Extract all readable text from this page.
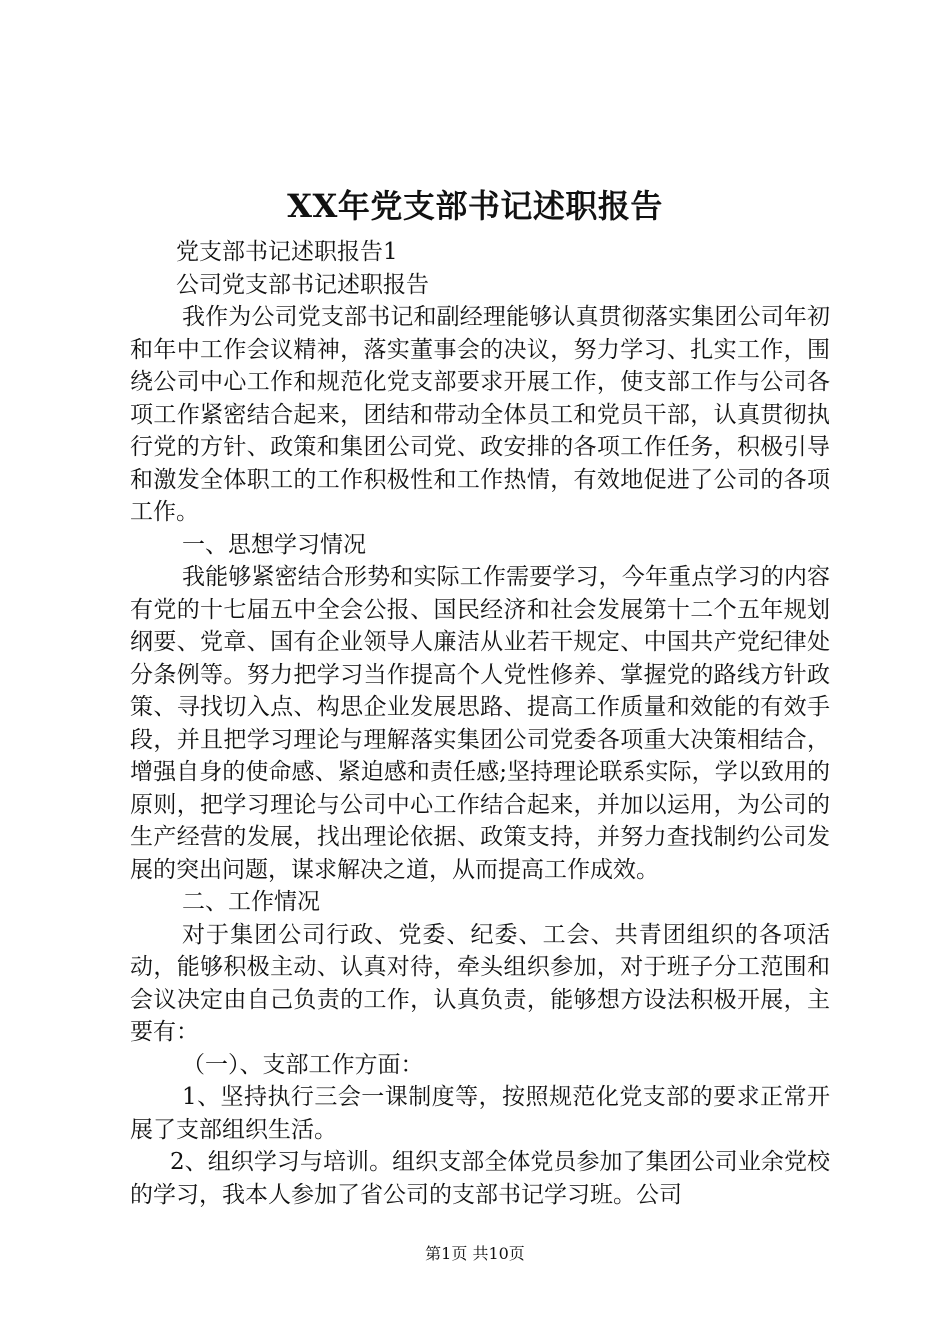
XX年党支部书记述职报告

党支部书记述职报告1

公司党支部书记述职报告

我作为公司党支部书记和副经理能够认真贯彻落实集团公司年初和年中工作会议精神，落实董事会的决议，努力学习、扎实工作，围绕公司中心工作和规范化党支部要求开展工作，使支部工作与公司各项工作紧密结合起来，团结和带动全体员工和党员干部，认真贯彻执行党的方针、政策和集团公司党、政安排的各项工作任务，积极引导和激发全体职工的工作积极性和工作热情，有效地促进了公司的各项工作。

一、思想学习情况

我能够紧密结合形势和实际工作需要学习，今年重点学习的内容有党的十七届五中全会公报、国民经济和社会发展第十二个五年规划纲要、党章、国有企业领导人廉洁从业若干规定、中国共产党纪律处分条例等。努力把学习当作提高个人党性修养、掌握党的路线方针政策、寻找切入点、构思企业发展思路、提高工作质量和效能的有效手段，并且把学习理论与理解落实集团公司党委各项重大决策相结合，增强自身的使命感、紧迫感和责任感;坚持理论联系实际，学以致用的原则，把学习理论与公司中心工作结合起来，并加以运用，为公司的生产经营的发展，找出理论依据、政策支持，并努力查找制约公司发展的突出问题，谋求解决之道，从而提高工作成效。

二、工作情况

对于集团公司行政、党委、纪委、工会、共青团组织的各项活动，能够积极主动、认真对待，牵头组织参加，对于班子分工范围和会议决定由自己负责的工作，认真负责，能够想方设法积极开展，主要有：

（一）、支部工作方面：

1、坚持执行三会一课制度等，按照规范化党支部的要求正常开展了支部组织生活。

2、组织学习与培训。组织支部全体党员参加了集团公司业余党校的学习，我本人参加了省公司的支部书记学习班。公司

第1页 共10页
